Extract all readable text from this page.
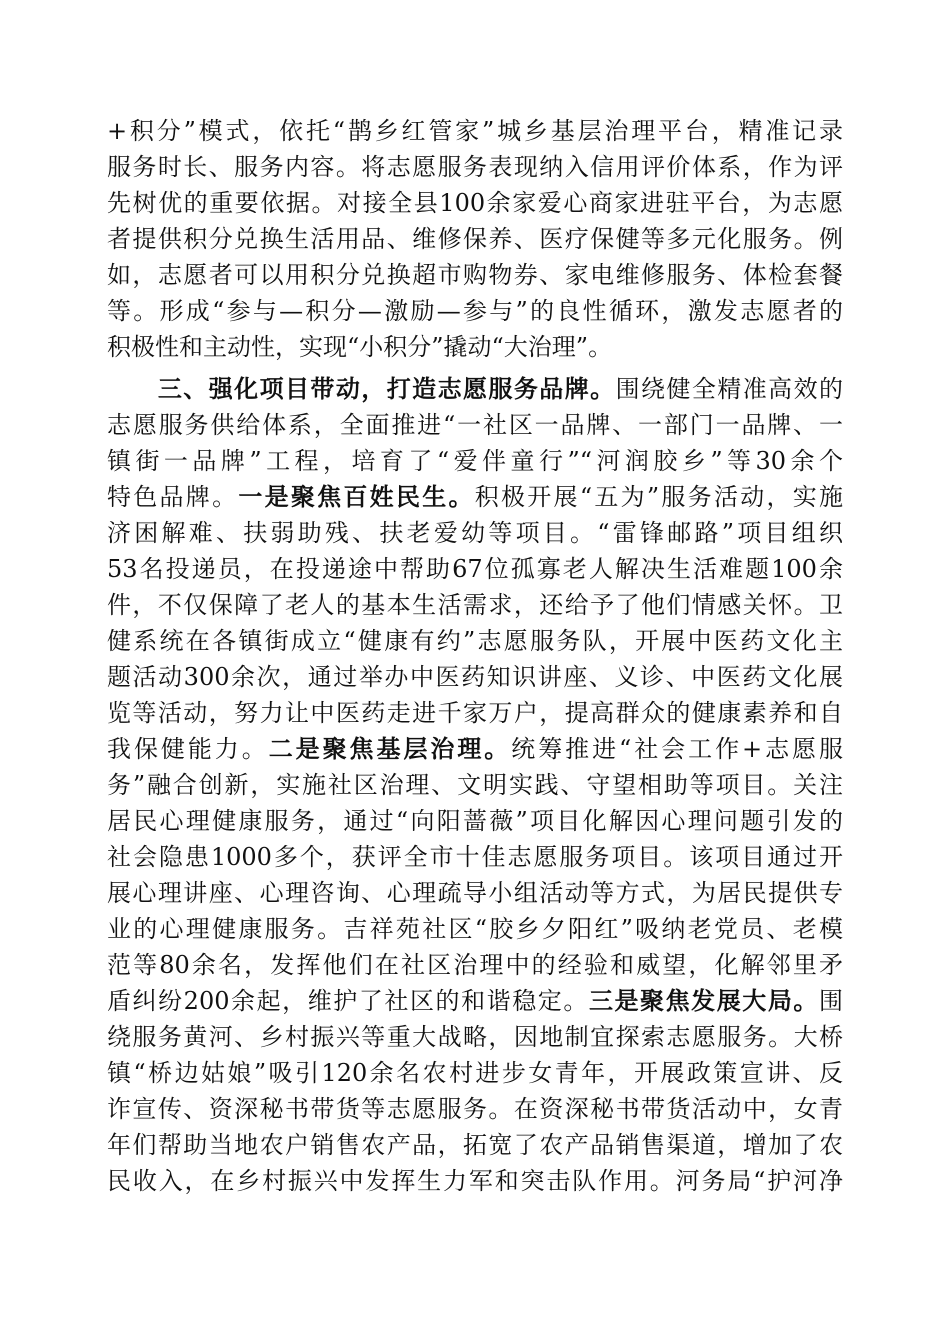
+积分”模式，依托“鹊乡红管家”城乡基层治理平台，精准记录
服务时长、服务内容。将志愿服务表现纳入信用评价体系，作为评
先树优的重要依据。对接全县100余家爱心商家进驻平台，为志愿
者提供积分兑换生活用品、维修保养、医疗保健等多元化服务。例
如，志愿者可以用积分兑换超市购物券、家电维修服务、体检套餐
等。形成“参与—积分—激励—参与”的良性循环，激发志愿者的
积极性和主动性，实现“小积分”撬动“大治理”。
　　三、强化项目带动，打造志愿服务品牌。围绕健全精准高效的
志愿服务供给体系，全面推进“一社区一品牌、一部门一品牌、一
镇街一品牌”工程，培育了“爱伴童行”“河润胶乡”等30余个
特色品牌。一是聚焦百姓民生。积极开展“五为”服务活动，实施
济困解难、扶弱助残、扶老爱幼等项目。“雷锋邮路”项目组织
53名投递员，在投递途中帮助67位孤寡老人解决生活难题100余
件，不仅保障了老人的基本生活需求，还给予了他们情感关怀。卫
健系统在各镇街成立“健康有约”志愿服务队，开展中医药文化主
题活动300余次，通过举办中医药知识讲座、义诊、中医药文化展
览等活动，努力让中医药走进千家万户，提高群众的健康素养和自
我保健能力。二是聚焦基层治理。统筹推进“社会工作+志愿服
务”融合创新，实施社区治理、文明实践、守望相助等项目。关注
居民心理健康服务，通过“向阳蔷薇”项目化解因心理问题引发的
社会隐患1000多个，获评全市十佳志愿服务项目。该项目通过开
展心理讲座、心理咨询、心理疏导小组活动等方式，为居民提供专
业的心理健康服务。吉祥苑社区“胶乡夕阳红”吸纳老党员、老模
范等80余名，发挥他们在社区治理中的经验和威望，化解邻里矛
盾纠纷200余起，维护了社区的和谐稳定。三是聚焦发展大局。围
绕服务黄河、乡村振兴等重大战略，因地制宜探索志愿服务。大桥
镇“桥边姑娘”吸引120余名农村进步女青年，开展政策宣讲、反
诈宣传、资深秘书带货等志愿服务。在资深秘书带货活动中，女青
年们帮助当地农户销售农产品，拓宽了农产品销售渠道，增加了农
民收入，在乡村振兴中发挥生力军和突击队作用。河务局“护河净
